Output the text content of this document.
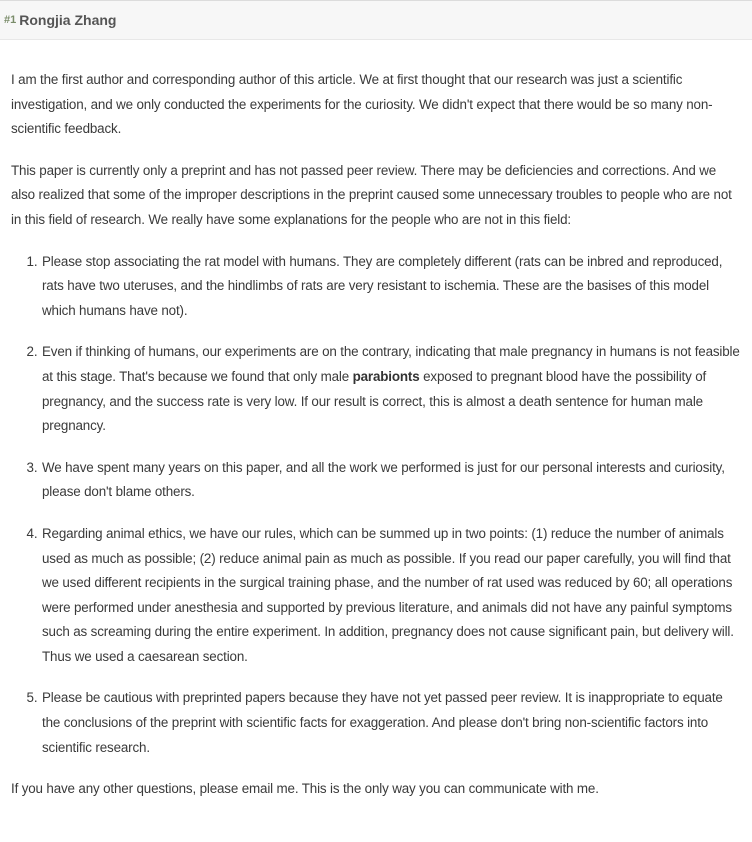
#1 Rongjia Zhang

I am the first author and corresponding author of this article. We at first thought that our research was just a scientific investigation, and we only conducted the experiments for the curiosity. We didn't expect that there would be so many non-scientific feedback.

This paper is currently only a preprint and has not passed peer review. There may be deficiencies and corrections. And we also realized that some of the improper descriptions in the preprint caused some unnecessary troubles to people who are not in this field of research. We really have some explanations for the people who are not in this field:

1. Please stop associating the rat model with humans. They are completely different (rats can be inbred and reproduced, rats have two uteruses, and the hindlimbs of rats are very resistant to ischemia. These are the basises of this model which humans have not).
2. Even if thinking of humans, our experiments are on the contrary, indicating that male pregnancy in humans is not feasible at this stage. That's because we found that only male parabionts exposed to pregnant blood have the possibility of pregnancy, and the success rate is very low. If our result is correct, this is almost a death sentence for human male pregnancy.
3. We have spent many years on this paper, and all the work we performed is just for our personal interests and curiosity, please don't blame others.
4. Regarding animal ethics, we have our rules, which can be summed up in two points: (1) reduce the number of animals used as much as possible; (2) reduce animal pain as much as possible. If you read our paper carefully, you will find that we used different recipients in the surgical training phase, and the number of rat used was reduced by 60; all operations were performed under anesthesia and supported by previous literature, and animals did not have any painful symptoms such as screaming during the entire experiment. In addition, pregnancy does not cause significant pain, but delivery will. Thus we used a caesarean section.
5. Please be cautious with preprinted papers because they have not yet passed peer review. It is inappropriate to equate the conclusions of the preprint with scientific facts for exaggeration. And please don't bring non-scientific factors into scientific research.

If you have any other questions, please email me. This is the only way you can communicate with me.
